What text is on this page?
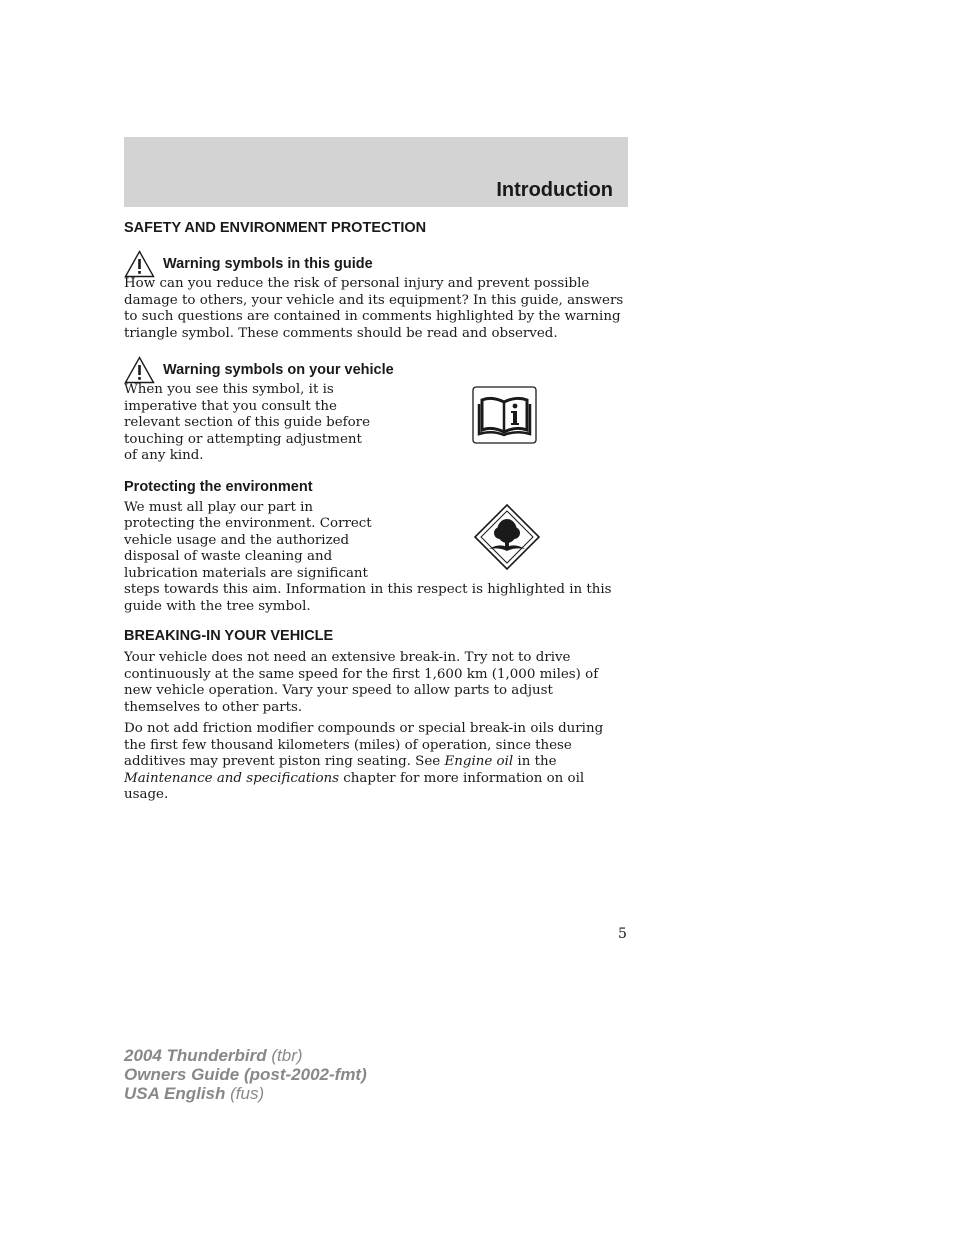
Introduction
SAFETY AND ENVIRONMENT PROTECTION
Warning symbols in this guide

How can you reduce the risk of personal injury and prevent possible damage to others, your vehicle and its equipment? In this guide, answers to such questions are contained in comments highlighted by the warning triangle symbol. These comments should be read and observed.

Warning symbols on your vehicle

When you see this symbol, it is imperative that you consult the relevant section of this guide before touching or attempting adjustment of any kind.

Protecting the environment

We must all play our part in protecting the environment. Correct vehicle usage and the authorized disposal of waste cleaning and lubrication materials are significant

steps towards this aim. Information in this respect is highlighted in this guide with the tree symbol.

BREAKING-IN YOUR VEHICLE

Your vehicle does not need an extensive break-in. Try not to drive continuously at the same speed for the first 1,600 km (1,000 miles) of new vehicle operation. Vary your speed to allow parts to adjust themselves to other parts.

Do not add friction modifier compounds or special break-in oils during the first few thousand kilometers (miles) of operation, since these additives may prevent piston ring seating. See Engine oil in the Maintenance and specifications chapter for more information on oil usage.

5
2004 Thunderbird (tbr)
Owners Guide (post-2002-fmt)
USA English (fus)
